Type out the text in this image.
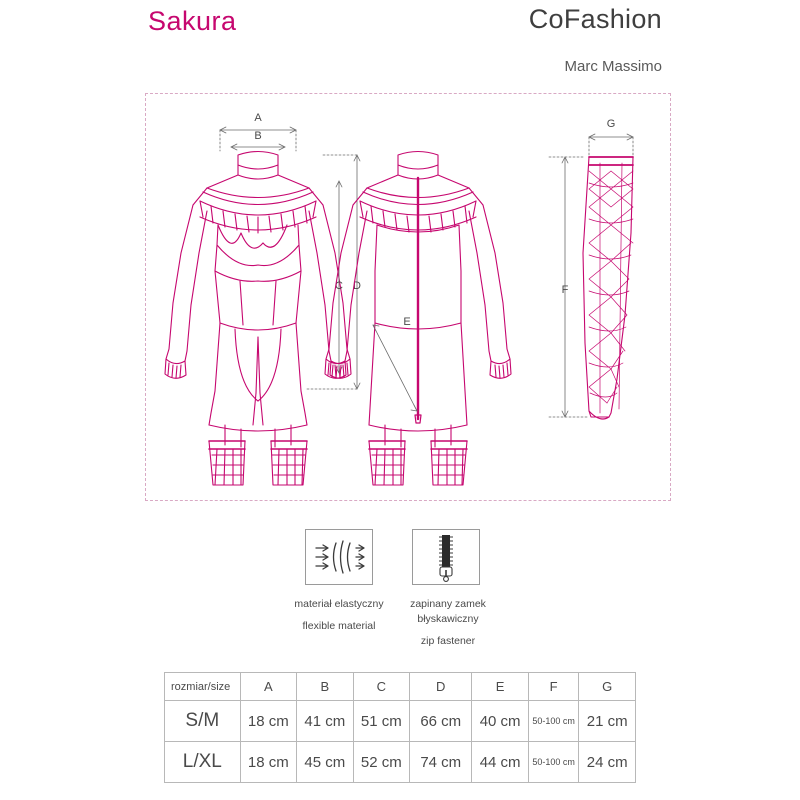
Sakura	CoFashion
Marc Massimo
A
B
C D
E
G
F
materiał elastyczny
flexible material
zapinany zamek
błyskawiczny
zip fastener
rozmiar/size	A	B	C	D	E	F	G
S/M	18 cm	41 cm	51 cm	66 cm	40 cm	50-100 cm	21 cm
L/XL	18 cm	45 cm	52 cm	74 cm	44 cm	50-100 cm	24 cm
